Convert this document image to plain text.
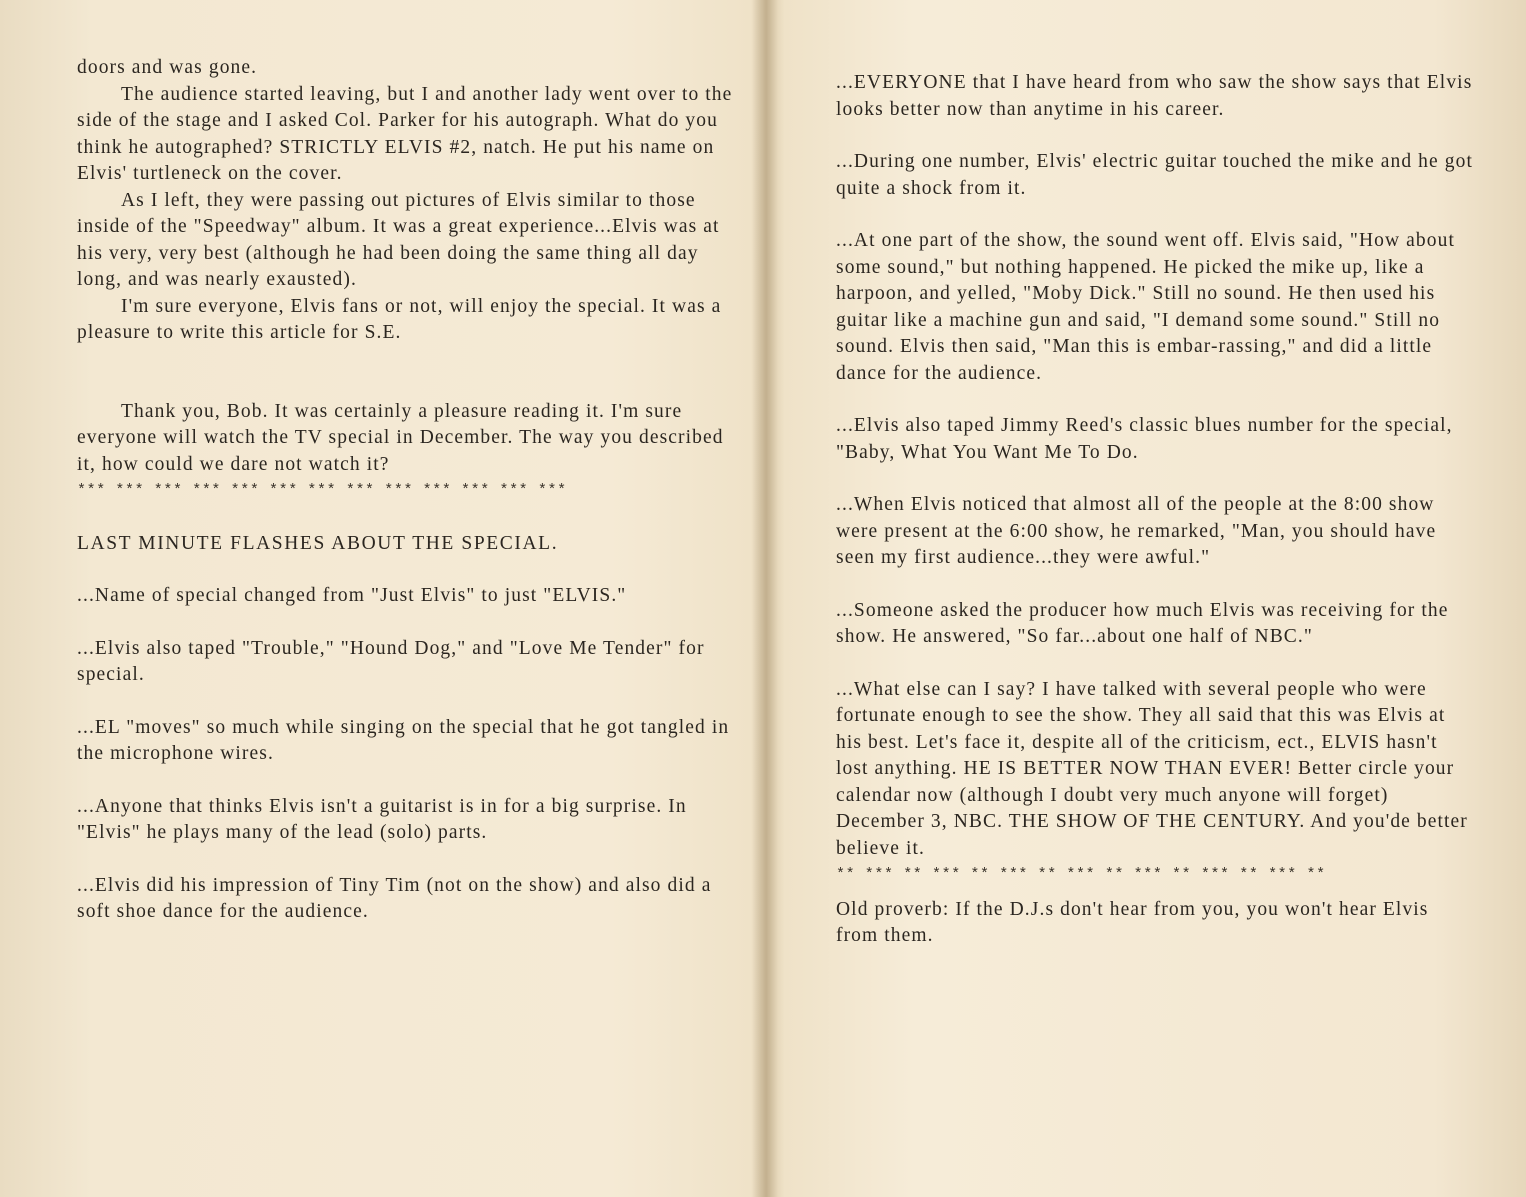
doors and was gone.

The audience started leaving, but I and another lady went over to the side of the stage and I asked Col. Parker for his autograph. What do you think he autographed? STRICTLY ELVIS #2, natch. He put his name on Elvis' turtleneck on the cover.

As I left, they were passing out pictures of Elvis similar to those inside of the "Speedway" album. It was a great experience...Elvis was at his very, very best (although he had been doing the same thing all day long, and was nearly exausted).

I'm sure everyone, Elvis fans or not, will enjoy the special. It was a pleasure to write this article for S.E.

Thank you, Bob. It was certainly a pleasure reading it. I'm sure everyone will watch the TV special in December. The way you described it, how could we dare not watch it?

*** *** *** *** *** *** *** *** *** *** *** *** ***

LAST MINUTE FLASHES ABOUT THE SPECIAL.

...Name of special changed from "Just Elvis" to just "ELVIS."

...Elvis also taped "Trouble," "Hound Dog," and "Love Me Tender" for special.

...EL "moves" so much while singing on the special that he got tangled in the microphone wires.

...Anyone that thinks Elvis isn't a guitarist is in for a big surprise. In "Elvis" he plays many of the lead (solo) parts.

...Elvis did his impression of Tiny Tim (not on the show) and also did a soft shoe dance for the audience.

...EVERYONE that I have heard from who saw the show says that Elvis looks better now than anytime in his career.

...During one number, Elvis' electric guitar touched the mike and he got quite a shock from it.

...At one part of the show, the sound went off. Elvis said, "How about some sound," but nothing happened. He picked the mike up, like a harpoon, and yelled, "Moby Dick." Still no sound. He then used his guitar like a machine gun and said, "I demand some sound." Still no sound. Elvis then said, "Man this is embar-rassing," and did a little dance for the audience.

...Elvis also taped Jimmy Reed's classic blues number for the special, "Baby, What You Want Me To Do.

...When Elvis noticed that almost all of the people at the 8:00 show were present at the 6:00 show, he remarked, "Man, you should have seen my first audience...they were awful."

...Someone asked the producer how much Elvis was receiving for the show. He answered, "So far...about one half of NBC."

...What else can I say? I have talked with several people who were fortunate enough to see the show. They all said that this was Elvis at his best. Let's face it, despite all of the criticism, ect., ELVIS hasn't lost anything. HE IS BETTER NOW THAN EVER! Better circle your calendar now (although I doubt very much anyone will forget) December 3, NBC. THE SHOW OF THE CENTURY. And you'de better believe it.

** *** ** *** ** *** ** *** ** *** ** *** ** *** **

Old proverb: If the D.J.s don't hear from you, you won't hear Elvis from them.
